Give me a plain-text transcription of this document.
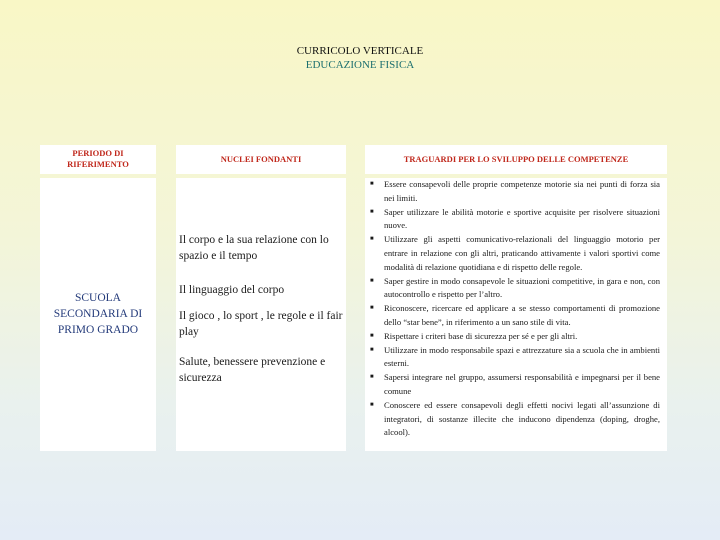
CURRICOLO VERTICALE
EDUCAZIONE FISICA
PERIODO DI
RIFERIMENTO	NUCLEI FONDANTI	TRAGUARDI PER LO SVILUPPO DELLE COMPETENZE
SCUOLA
SECONDARIA DI
PRIMO GRADO
Il corpo e la sua relazione con lo spazio e il tempo
Il linguaggio del corpo
Il gioco , lo sport , le regole e il fair play
Salute, benessere prevenzione e sicurezza
■ Essere consapevoli delle proprie competenze motorie sia nei punti di forza sia nei limiti.
■ Saper utilizzare le abilità motorie e sportive acquisite per risolvere situazioni nuove.
■ Utilizzare gli aspetti comunicativo-relazionali del linguaggio motorio per entrare in relazione con gli altri, praticando attivamente i valori sportivi come modalità di relazione quotidiana e di rispetto delle regole.
■ Saper gestire in modo consapevole le situazioni competitive, in gara e non, con autocontrollo e rispetto per l’altro.
■ Riconoscere, ricercare ed applicare a se stesso comportamenti di promozione dello “star bene”, in riferimento a un sano stile di vita.
■ Rispettare i criteri base di sicurezza per sé e per gli altri.
■ Utilizzare in modo responsabile spazi e attrezzature sia a scuola che in ambienti esterni.
■ Sapersi integrare nel gruppo, assumersi responsabilità e impegnarsi per il bene comune
■ Conoscere ed essere consapevoli degli effetti nocivi legati all’assunzione di integratori, di sostanze illecite che inducono dipendenza (doping, droghe, alcool).
